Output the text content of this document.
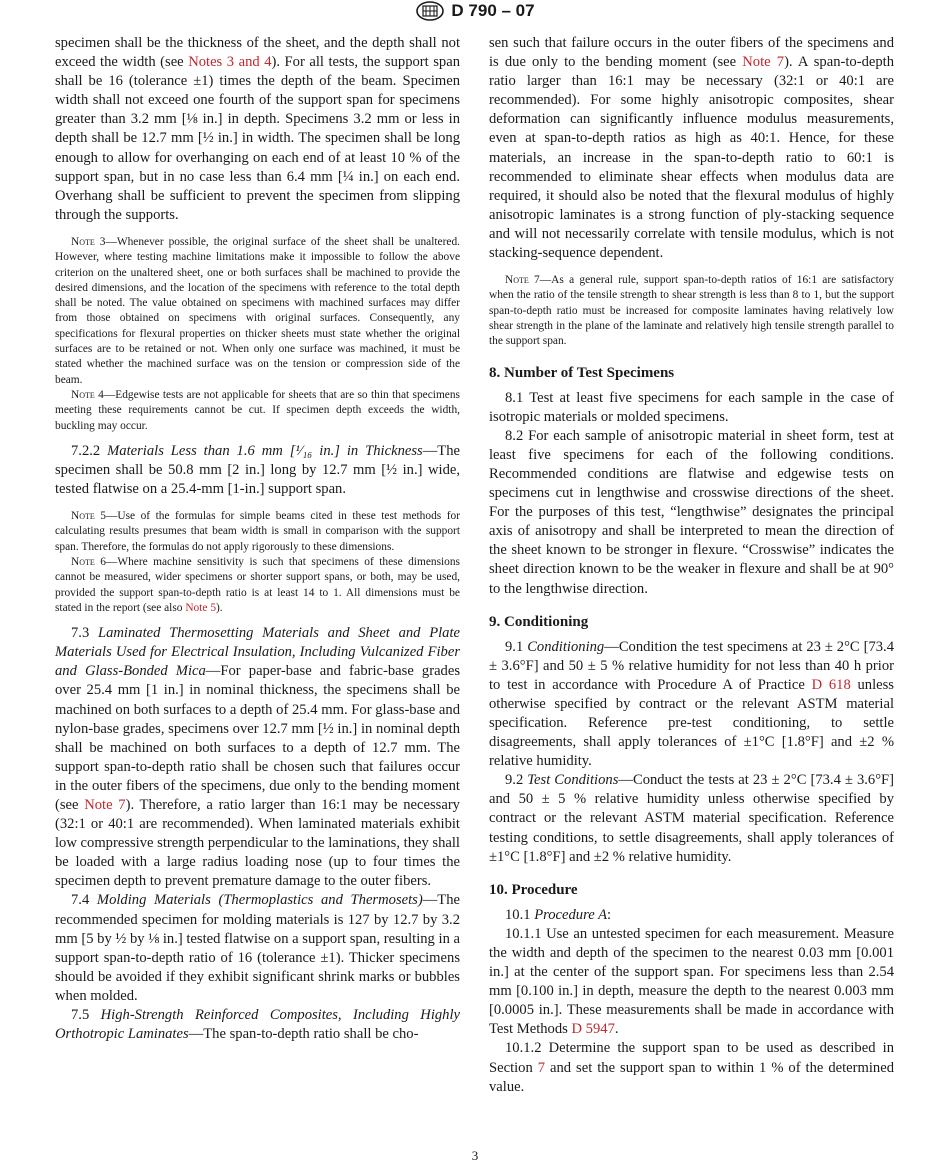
D 790 – 07

specimen shall be the thickness of the sheet, and the depth shall not exceed the width (see Notes 3 and 4). For all tests, the support span shall be 16 (tolerance ±1) times the depth of the beam. Specimen width shall not exceed one fourth of the support span for specimens greater than 3.2 mm [⅛ in.] in depth. Specimens 3.2 mm or less in depth shall be 12.7 mm [½ in.] in width. The specimen shall be long enough to allow for overhanging on each end of at least 10 % of the support span, but in no case less than 6.4 mm [¼ in.] on each end. Overhang shall be sufficient to prevent the specimen from slipping through the supports.

Note 3—Whenever possible, the original surface of the sheet shall be unaltered. However, where testing machine limitations make it impossible to follow the above criterion on the unaltered sheet, one or both surfaces shall be machined to provide the desired dimensions, and the location of the specimens with reference to the total depth shall be noted. The value obtained on specimens with machined surfaces may differ from those obtained on specimens with original surfaces. Consequently, any specifications for flexural properties on thicker sheets must state whether the original surfaces are to be retained or not. When only one surface was machined, it must be stated whether the machined surface was on the tension or compression side of the beam.

Note 4—Edgewise tests are not applicable for sheets that are so thin that specimens meeting these requirements cannot be cut. If specimen depth exceeds the width, buckling may occur.

7.2.2 Materials Less than 1.6 mm [¹⁄₁₆ in.] in Thickness—The specimen shall be 50.8 mm [2 in.] long by 12.7 mm [½ in.] wide, tested flatwise on a 25.4-mm [1-in.] support span.

Note 5—Use of the formulas for simple beams cited in these test methods for calculating results presumes that beam width is small in comparison with the support span. Therefore, the formulas do not apply rigorously to these dimensions.

Note 6—Where machine sensitivity is such that specimens of these dimensions cannot be measured, wider specimens or shorter support spans, or both, may be used, provided the support span-to-depth ratio is at least 14 to 1. All dimensions must be stated in the report (see also Note 5).

7.3 Laminated Thermosetting Materials and Sheet and Plate Materials Used for Electrical Insulation, Including Vulcanized Fiber and Glass-Bonded Mica—For paper-base and fabric-base grades over 25.4 mm [1 in.] in nominal thickness, the specimens shall be machined on both surfaces to a depth of 25.4 mm. For glass-base and nylon-base grades, specimens over 12.7 mm [½ in.] in nominal depth shall be machined on both surfaces to a depth of 12.7 mm. The support span-to-depth ratio shall be chosen such that failures occur in the outer fibers of the specimens, due only to the bending moment (see Note 7). Therefore, a ratio larger than 16:1 may be necessary (32:1 or 40:1 are recommended). When laminated materials exhibit low compressive strength perpendicular to the laminations, they shall be loaded with a large radius loading nose (up to four times the specimen depth to prevent premature damage to the outer fibers.

7.4 Molding Materials (Thermoplastics and Thermosets)—The recommended specimen for molding materials is 127 by 12.7 by 3.2 mm [5 by ½ by ⅛ in.] tested flatwise on a support span, resulting in a support span-to-depth ratio of 16 (tolerance ±1). Thicker specimens should be avoided if they exhibit significant shrink marks or bubbles when molded.

7.5 High-Strength Reinforced Composites, Including Highly Orthotropic Laminates—The span-to-depth ratio shall be cho-

sen such that failure occurs in the outer fibers of the specimens and is due only to the bending moment (see Note 7). A span-to-depth ratio larger than 16:1 may be necessary (32:1 or 40:1 are recommended). For some highly anisotropic composites, shear deformation can significantly influence modulus measurements, even at span-to-depth ratios as high as 40:1. Hence, for these materials, an increase in the span-to-depth ratio to 60:1 is recommended to eliminate shear effects when modulus data are required, it should also be noted that the flexural modulus of highly anisotropic laminates is a strong function of ply-stacking sequence and will not necessarily correlate with tensile modulus, which is not stacking-sequence dependent.

Note 7—As a general rule, support span-to-depth ratios of 16:1 are satisfactory when the ratio of the tensile strength to shear strength is less than 8 to 1, but the support span-to-depth ratio must be increased for composite laminates having relatively low shear strength in the plane of the laminate and relatively high tensile strength parallel to the support span.

8. Number of Test Specimens

8.1 Test at least five specimens for each sample in the case of isotropic materials or molded specimens.

8.2 For each sample of anisotropic material in sheet form, test at least five specimens for each of the following conditions. Recommended conditions are flatwise and edgewise tests on specimens cut in lengthwise and crosswise directions of the sheet. For the purposes of this test, “lengthwise” designates the principal axis of anisotropy and shall be interpreted to mean the direction of the sheet known to be stronger in flexure. “Crosswise” indicates the sheet direction known to be the weaker in flexure and shall be at 90° to the lengthwise direction.

9. Conditioning

9.1 Conditioning—Condition the test specimens at 23 ± 2°C [73.4 ± 3.6°F] and 50 ± 5 % relative humidity for not less than 40 h prior to test in accordance with Procedure A of Practice D 618 unless otherwise specified by contract or the relevant ASTM material specification. Reference pre-test conditioning, to settle disagreements, shall apply tolerances of ±1°C [1.8°F] and ±2 % relative humidity.

9.2 Test Conditions—Conduct the tests at 23 ± 2°C [73.4 ± 3.6°F] and 50 ± 5 % relative humidity unless otherwise specified by contract or the relevant ASTM material specification. Reference testing conditions, to settle disagreements, shall apply tolerances of ±1°C [1.8°F] and ±2 % relative humidity.

10. Procedure

10.1 Procedure A:

10.1.1 Use an untested specimen for each measurement. Measure the width and depth of the specimen to the nearest 0.03 mm [0.001 in.] at the center of the support span. For specimens less than 2.54 mm [0.100 in.] in depth, measure the depth to the nearest 0.003 mm [0.0005 in.]. These measurements shall be made in accordance with Test Methods D 5947.

10.1.2 Determine the support span to be used as described in Section 7 and set the support span to within 1 % of the determined value.

3
